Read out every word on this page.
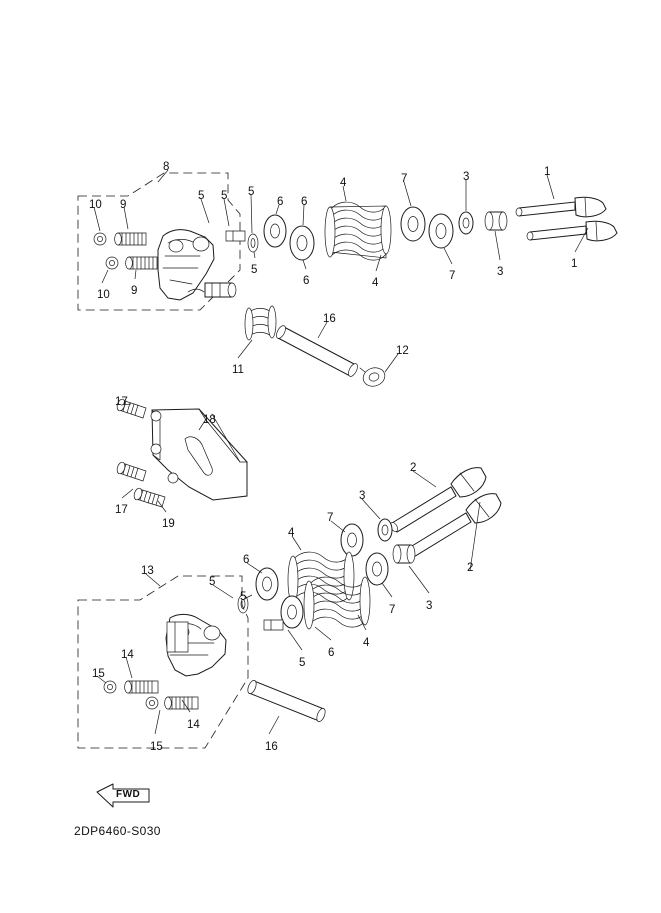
8
10 9
5 5 5
6 6
4	7	3	1
10 9
5
6	4
7	3
1
16
12
11
17
18
17
19
2
3
7
4
6
5
5
2
7	3
4
6
5
13
14
15
14
15	16
FWD
2DP6460-S030
